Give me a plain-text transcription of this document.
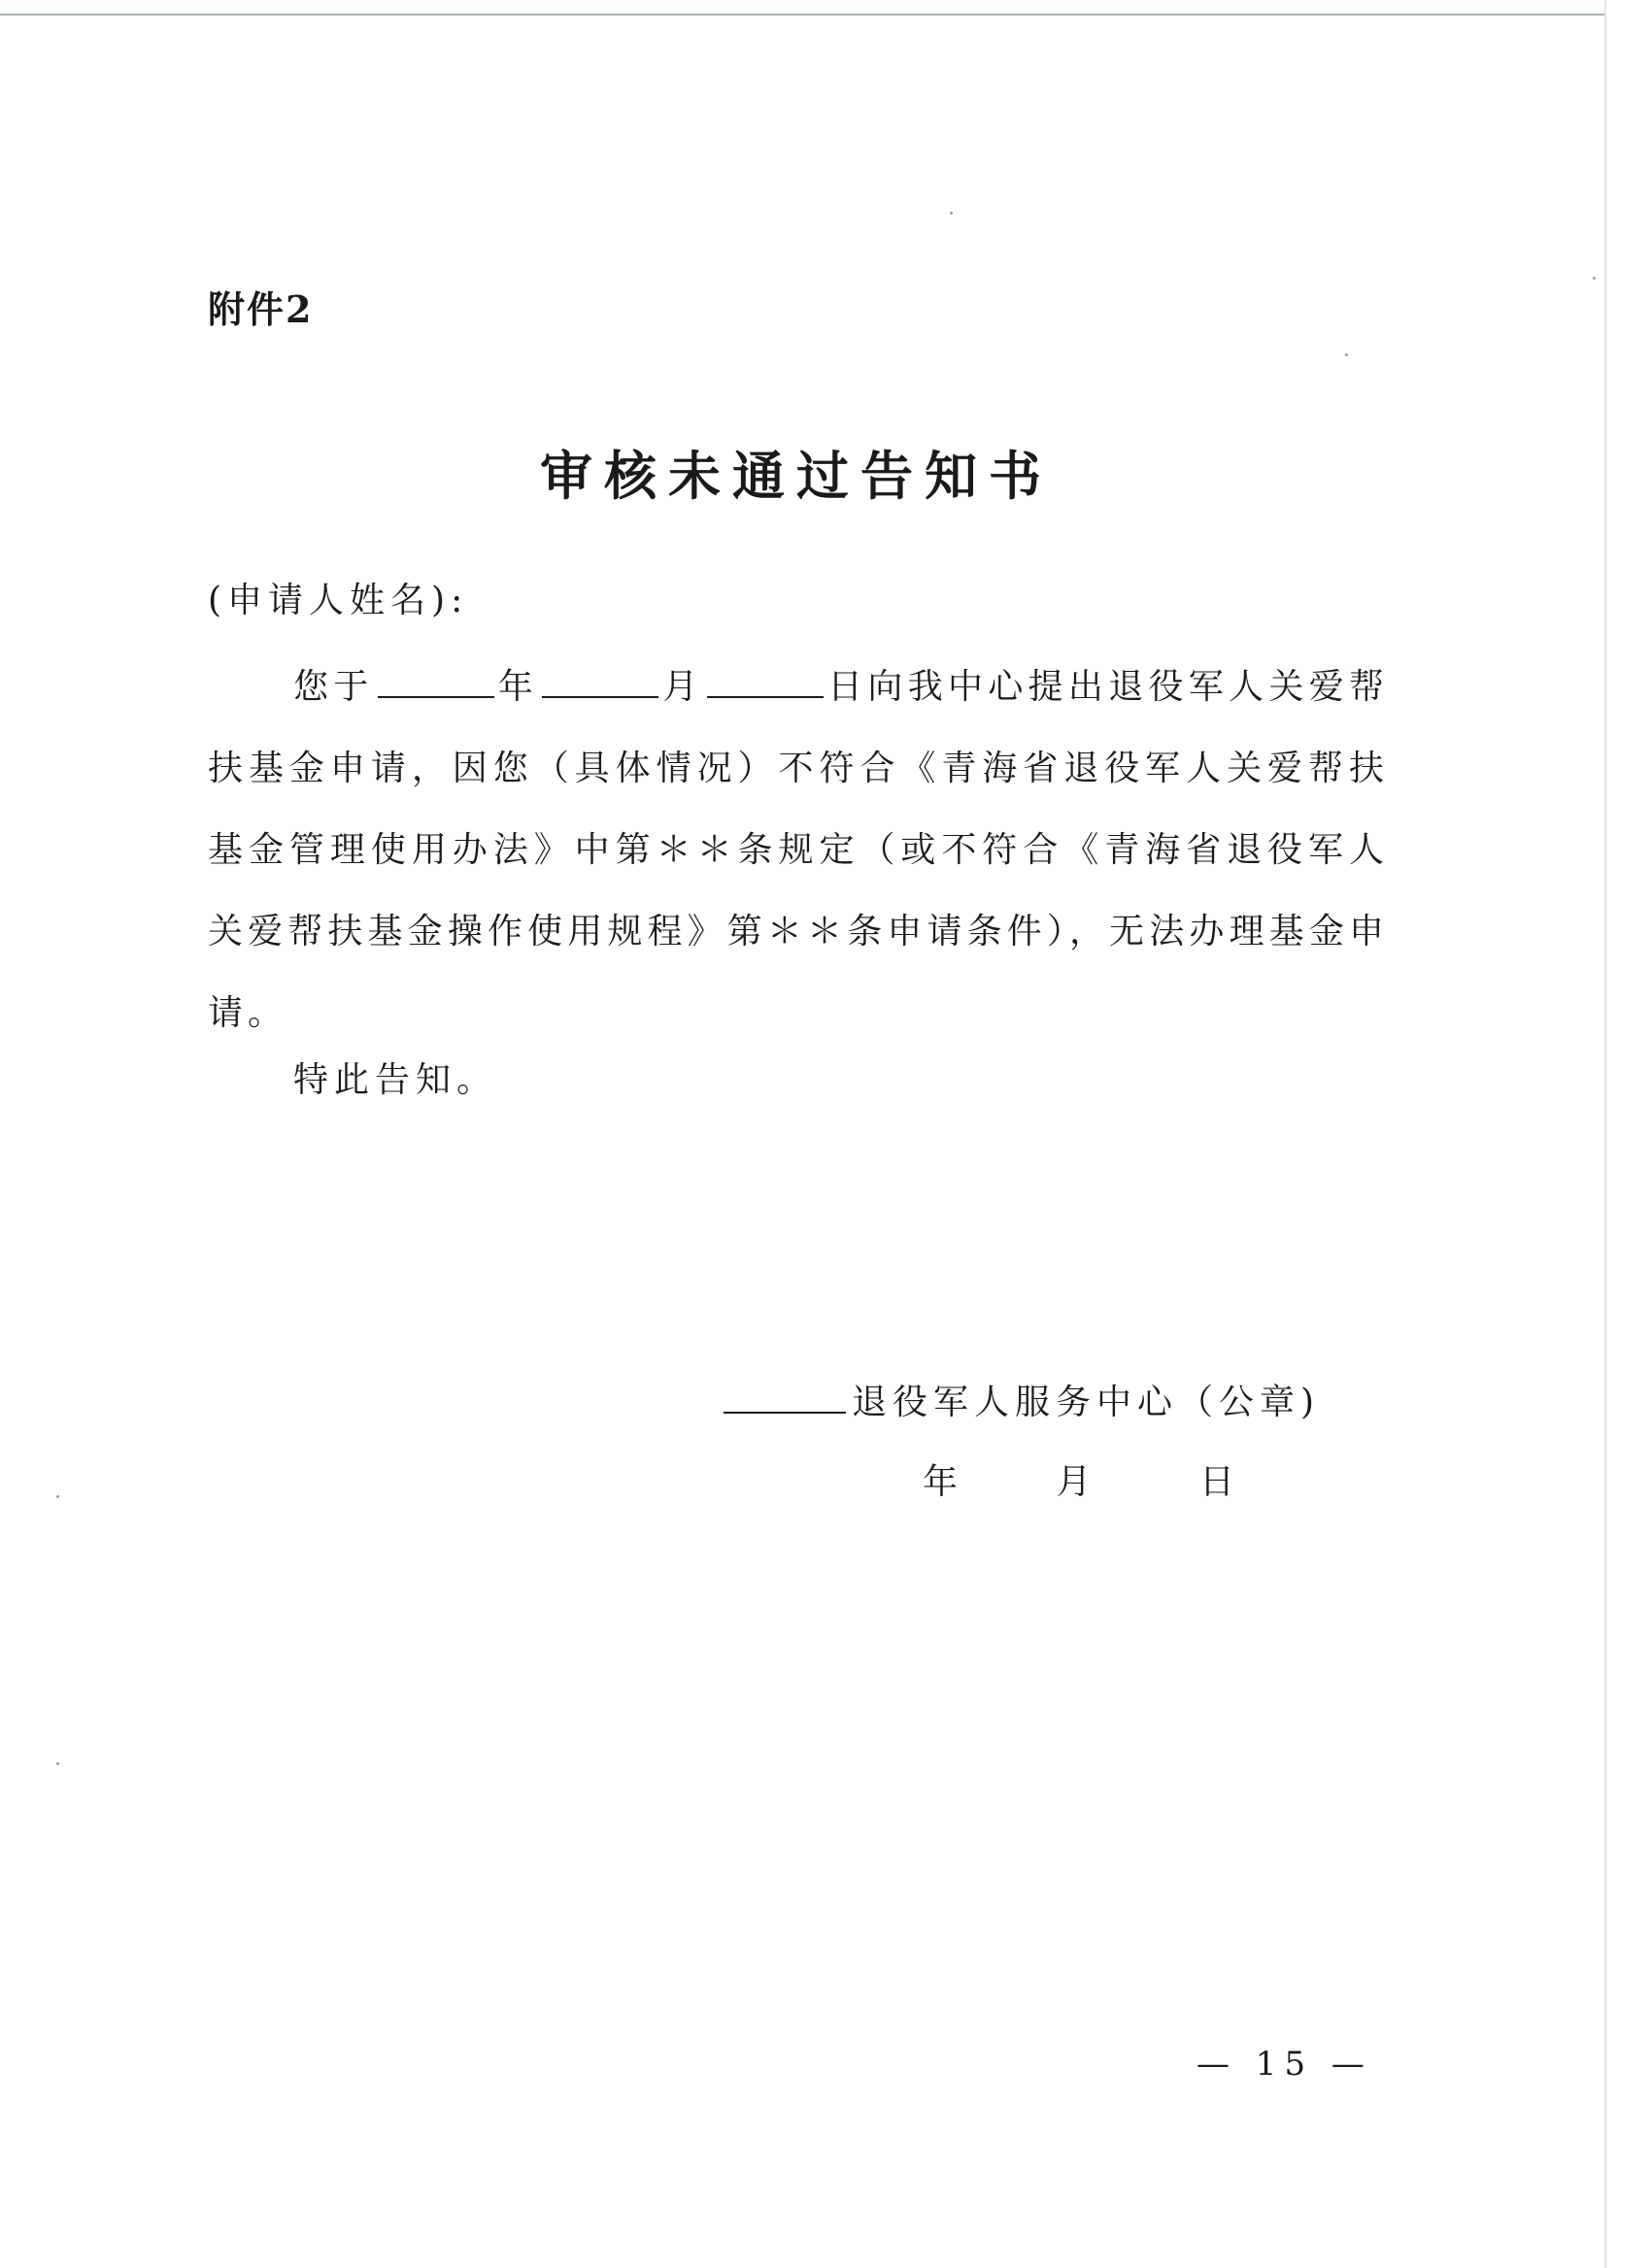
附件2
审核未通过告知书
(申请人姓名):

您于	年	月	日向我中心提出退役军人关爱帮扶基金申请，因您（具体情况）不符合《青海省退役军人关爱帮扶基金管理使用办法》中第＊＊条规定（或不符合《青海省退役军人关爱帮扶基金操作使用规程》第＊＊条申请条件），无法办理基金申请。

特此告知。
退役军人服务中心（公章)
年	月	日
— 15 —
